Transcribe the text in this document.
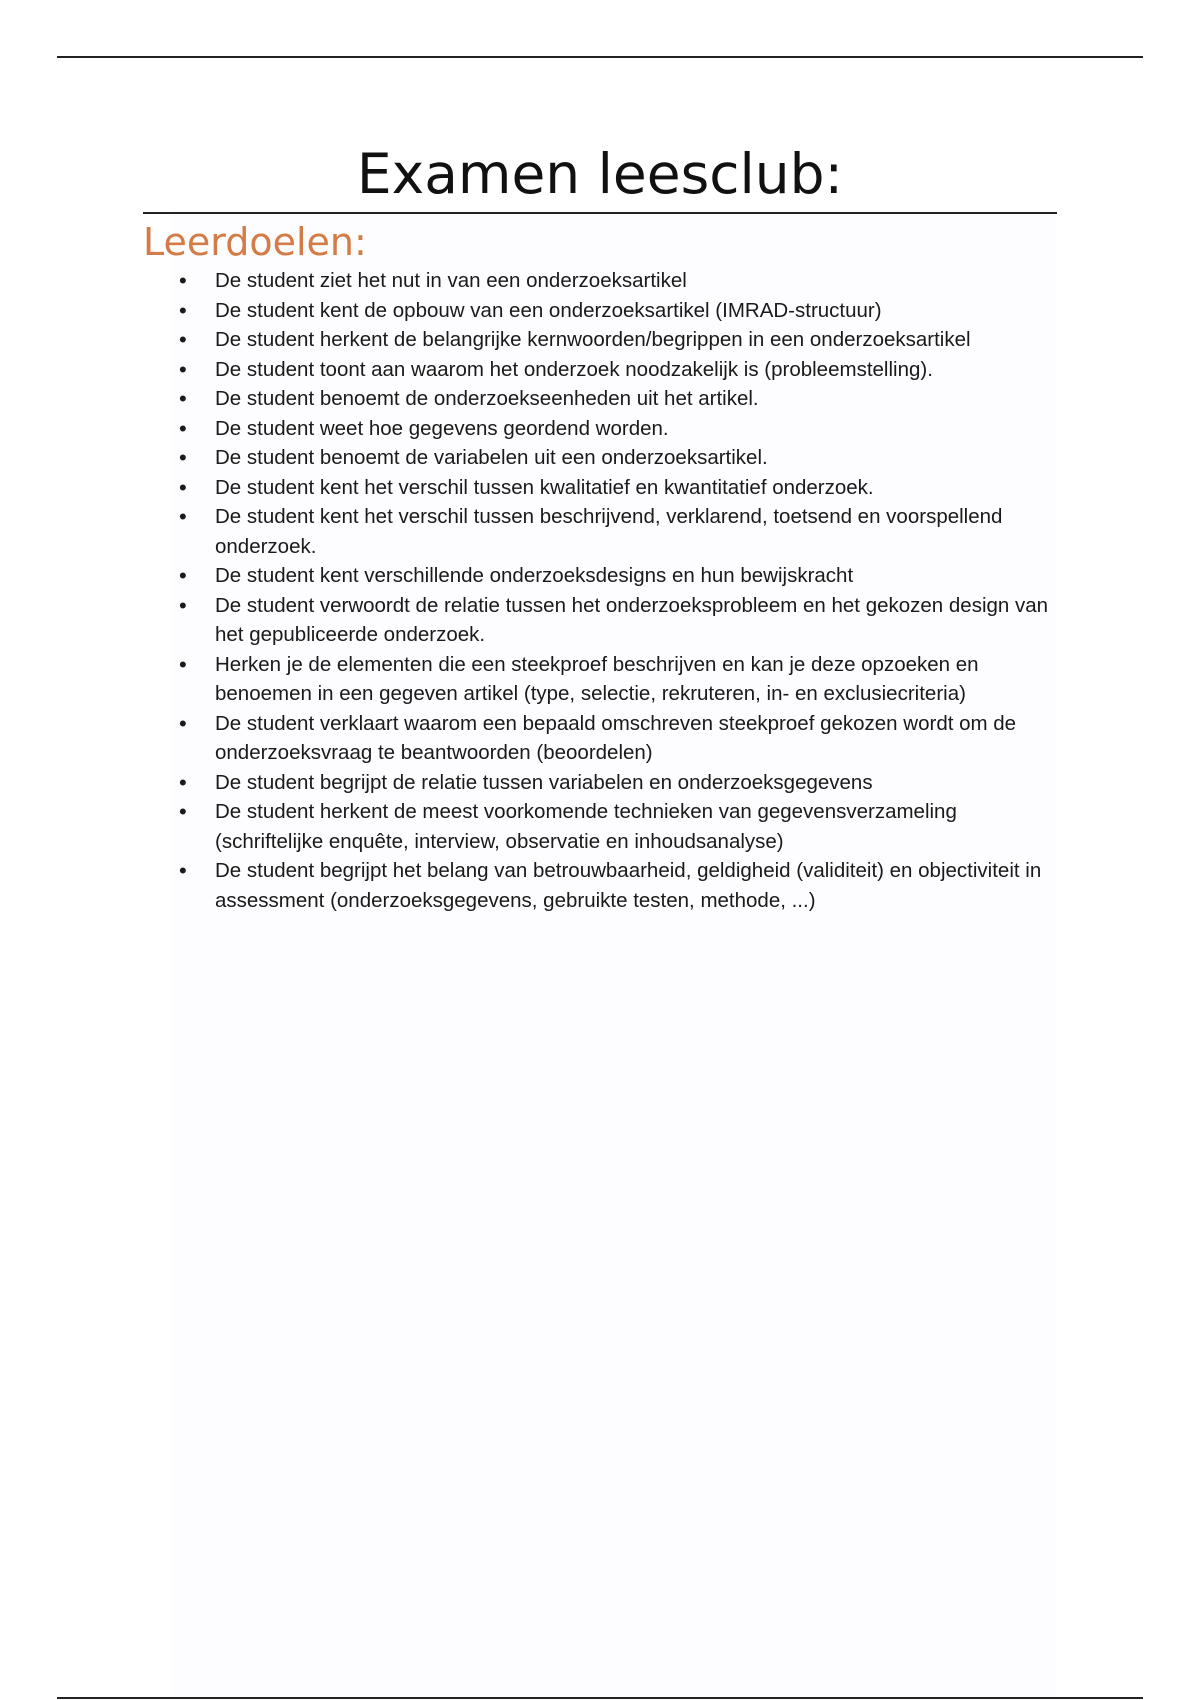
Examen leesclub:
Leerdoelen:
• De student ziet het nut in van een onderzoeksartikel
• De student kent de opbouw van een onderzoeksartikel (IMRAD-structuur)
• De student herkent de belangrijke kernwoorden/begrippen in een onderzoeksartikel
• De student toont aan waarom het onderzoek noodzakelijk is (probleemstelling).
• De student benoemt de onderzoekseenheden uit het artikel.
• De student weet hoe gegevens geordend worden.
• De student benoemt de variabelen uit een onderzoeksartikel.
• De student kent het verschil tussen kwalitatief en kwantitatief onderzoek.
• De student kent het verschil tussen beschrijvend, verklarend, toetsend en voorspellend onderzoek.
• De student kent verschillende onderzoeksdesigns en hun bewijskracht
• De student verwoordt de relatie tussen het onderzoeksprobleem en het gekozen design van het gepubliceerde onderzoek.
• Herken je de elementen die een steekproef beschrijven en kan je deze opzoeken en benoemen in een gegeven artikel (type, selectie, rekruteren, in- en exclusiecriteria)
• De student verklaart waarom een bepaald omschreven steekproef gekozen wordt om de onderzoeksvraag te beantwoorden (beoordelen)
• De student begrijpt de relatie tussen variabelen en onderzoeksgegevens
• De student herkent de meest voorkomende technieken van gegevensverzameling (schriftelijke enquête, interview, observatie en inhoudsanalyse)
• De student begrijpt het belang van betrouwbaarheid, geldigheid (validiteit) en objectiviteit in assessment (onderzoeksgegevens, gebruikte testen, methode, ...)
